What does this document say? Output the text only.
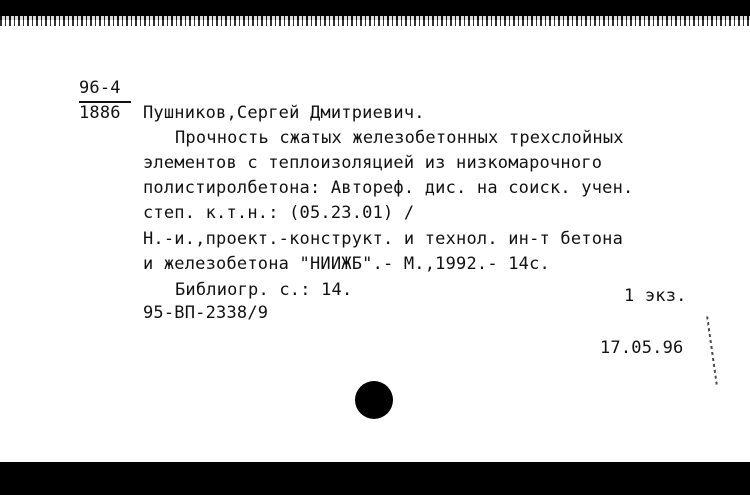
96-4
1886 Пушников,Сергей Дмитриевич.
Прочность сжатых железобетонных трехслойных
элементов с теплоизоляцией из низкомарочного
полистиролбетона: Автореф. дис. на соиск. учен.
степ. к.т.н.: (05.23.01) /
Н.-и.,проект.-конструкт. и технол. ин-т бетона
и железобетона "НИИЖБ".- М.,1992.- 14с.
Библиогр. с.: 14.	1 экз.
95-ВП-2338/9
17.05.96
